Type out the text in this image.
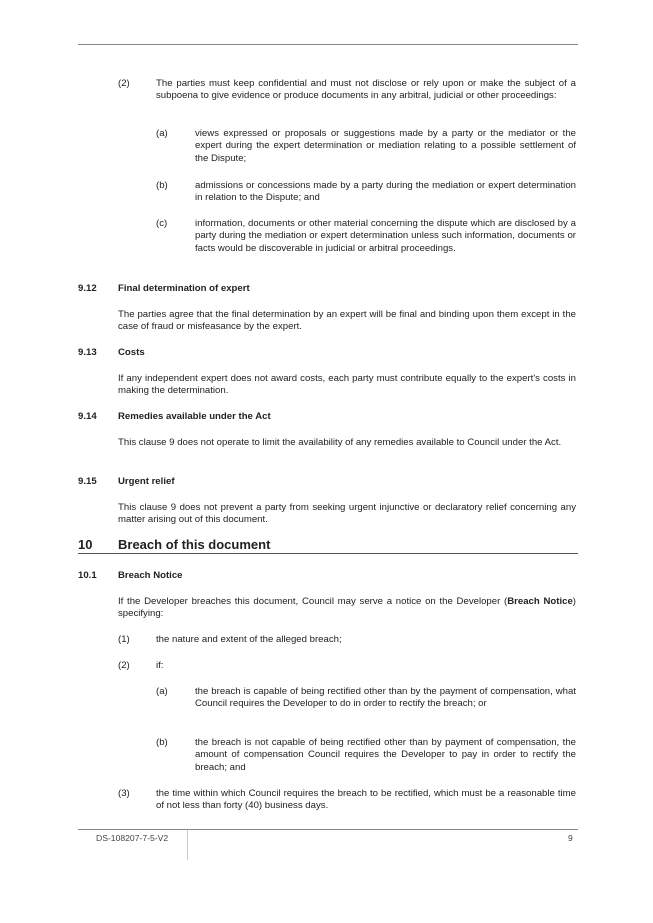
(2)	The parties must keep confidential and must not disclose or rely upon or make the subject of a subpoena to give evidence or produce documents in any arbitral, judicial or other proceedings:
(a)	views expressed or proposals or suggestions made by a party or the mediator or the expert during the expert determination or mediation relating to a possible settlement of the Dispute;
(b)	admissions or concessions made by a party during the mediation or expert determination in relation to the Dispute; and
(c)	information, documents or other material concerning the dispute which are disclosed by a party during the mediation or expert determination unless such information, documents or facts would be discoverable in judicial or arbitral proceedings.
9.12 Final determination of expert
The parties agree that the final determination by an expert will be final and binding upon them except in the case of fraud or misfeasance by the expert.
9.13 Costs
If any independent expert does not award costs, each party must contribute equally to the expert's costs in making the determination.
9.14 Remedies available under the Act
This clause 9 does not operate to limit the availability of any remedies available to Council under the Act.
9.15 Urgent relief
This clause 9 does not prevent a party from seeking urgent injunctive or declaratory relief concerning any matter arising out of this document.
10 Breach of this document
10.1 Breach Notice
If the Developer breaches this document, Council may serve a notice on the Developer (Breach Notice) specifying:
(1)	the nature and extent of the alleged breach;
(2)	if:
(a)	the breach is capable of being rectified other than by the payment of compensation, what Council requires the Developer to do in order to rectify the breach; or
(b)	the breach is not capable of being rectified other than by payment of compensation, the amount of compensation Council requires the Developer to pay in order to rectify the breach; and
(3)	the time within which Council requires the breach to be rectified, which must be a reasonable time of not less than forty (40) business days.
DS-108207-7-5-V2	9
